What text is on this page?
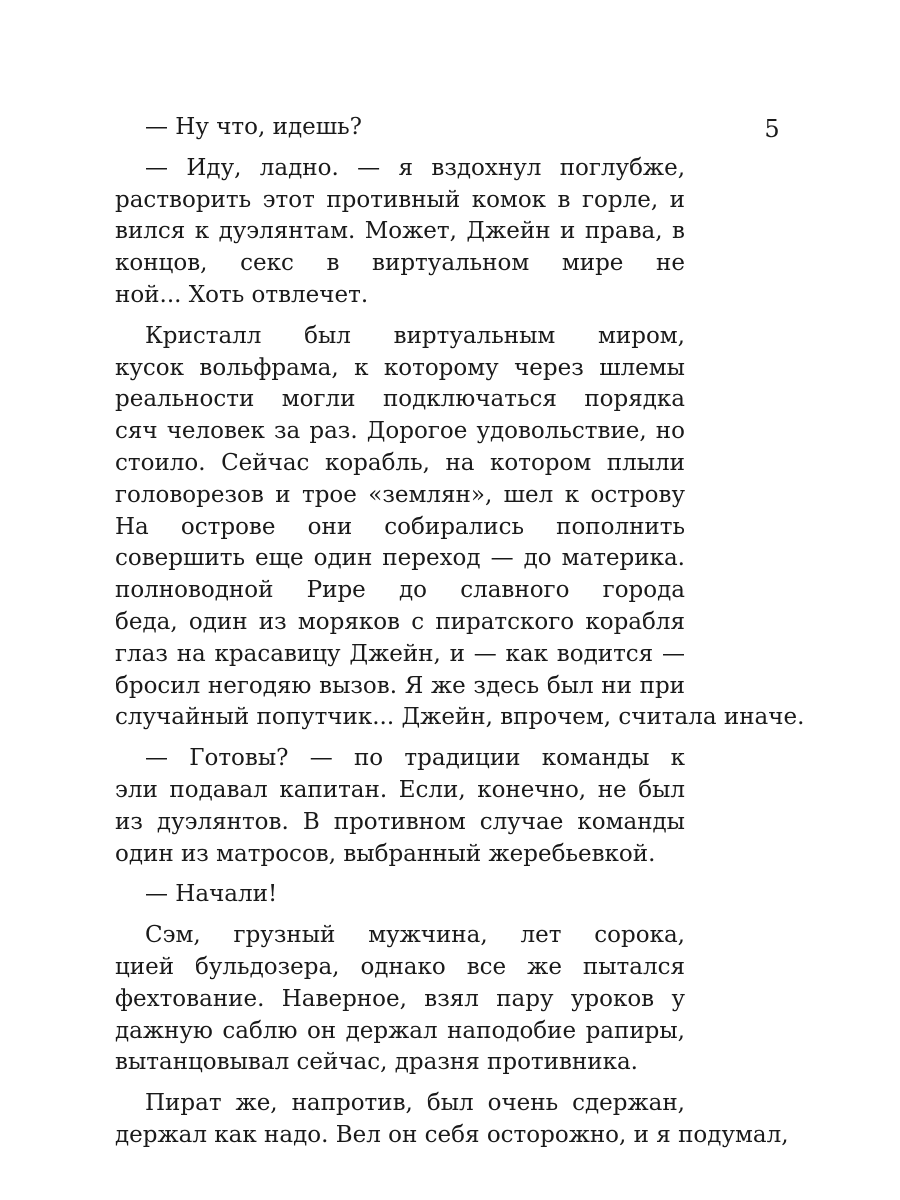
5
— Ну что, идешь?
— Иду, ладно. — я вздохнул поглубже,
растворить этот противный комок в горле, и
вился к дуэлянтам. Может, Джейн и права, в
концов, секс в виртуальном мире не
ной... Хоть отвлечет.
Кристалл был виртуальным миром,
кусок вольфрама, к которому через шлемы
реальности могли подключаться порядка
сяч человек за раз. Дорогое удовольствие, но
стоило. Сейчас корабль, на котором плыли
головорезов и трое «землян», шел к острову
На острове они собирались пополнить
совершить еще один переход — до материка.
полноводной Рире до славного города
беда, один из моряков с пиратского корабля
глаз на красавицу Джейн, и — как водится —
бросил негодяю вызов. Я же здесь был ни при
случайный попутчик... Джейн, впрочем, считала иначе.
— Готовы? — по традиции команды к
эли подавал капитан. Если, конечно, не был
из дуэлянтов. В противном случае команды
один из матросов, выбранный жеребьевкой.
— Начали!
Сэм, грузный мужчина, лет сорока,
цией бульдозера, однако все же пытался
фехтование. Наверное, взял пару уроков у
дажную саблю он держал наподобие рапиры,
вытанцовывал сейчас, дразня противника.
Пират же, напротив, был очень сдержан,
держал как надо. Вел он себя осторожно, и я подумал,
